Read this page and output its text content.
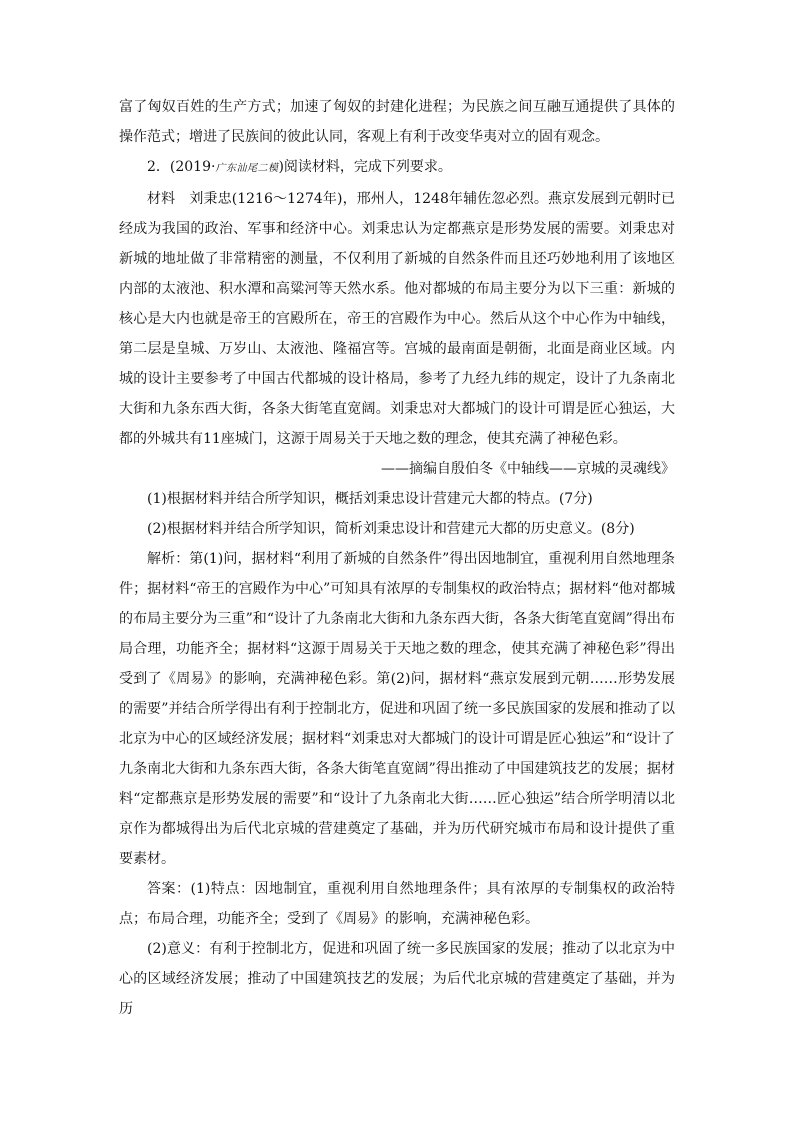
富了匈奴百姓的生产方式；加速了匈奴的封建化进程；为民族之间互融互通提供了具体的操作范式；增进了民族间的彼此认同，客观上有利于改变华夷对立的固有观念。

2．(2019·广东汕尾二模)阅读材料，完成下列要求。

材料　刘秉忠(1216～1274年)，邢州人，1248年辅佐忽必烈。燕京发展到元朝时已经成为我国的政治、军事和经济中心。刘秉忠认为定都燕京是形势发展的需要。刘秉忠对新城的地址做了非常精密的测量，不仅利用了新城的自然条件而且还巧妙地利用了该地区内部的太液池、积水潭和高粱河等天然水系。他对都城的布局主要分为以下三重：新城的核心是大内也就是帝王的宫殿所在，帝王的宫殿作为中心。然后从这个中心作为中轴线，第二层是皇城、万岁山、太液池、隆福宫等。宫城的最南面是朝衙，北面是商业区域。内城的设计主要参考了中国古代都城的设计格局，参考了九经九纬的规定，设计了九条南北大街和九条东西大街，各条大街笔直宽阔。刘秉忠对大都城门的设计可谓是匠心独运，大都的外城共有11座城门，这源于周易关于天地之数的理念，使其充满了神秘色彩。

——摘编自殷伯冬《中轴线——京城的灵魂线》

(1)根据材料并结合所学知识，概括刘秉忠设计营建元大都的特点。(7分)

(2)根据材料并结合所学知识，简析刘秉忠设计和营建元大都的历史意义。(8分)

解析：第(1)问，据材料“利用了新城的自然条件”得出因地制宜，重视利用自然地理条件；据材料“帝王的宫殿作为中心”可知具有浓厚的专制集权的政治特点；据材料“他对都城的布局主要分为三重”和“设计了九条南北大街和九条东西大街，各条大街笔直宽阔”得出布局合理，功能齐全；据材料“这源于周易关于天地之数的理念，使其充满了神秘色彩”得出受到了《周易》的影响，充满神秘色彩。第(2)问，据材料“燕京发展到元朝……形势发展的需要”并结合所学得出有利于控制北方，促进和巩固了统一多民族国家的发展和推动了以北京为中心的区域经济发展；据材料“刘秉忠对大都城门的设计可谓是匠心独运”和“设计了九条南北大街和九条东西大街，各条大街笔直宽阔”得出推动了中国建筑技艺的发展；据材料“定都燕京是形势发展的需要”和“设计了九条南北大街……匠心独运”结合所学明清以北京作为都城得出为后代北京城的营建奠定了基础，并为历代研究城市布局和设计提供了重要素材。

答案：(1)特点：因地制宜，重视利用自然地理条件；具有浓厚的专制集权的政治特点；布局合理，功能齐全；受到了《周易》的影响，充满神秘色彩。

(2)意义：有利于控制北方，促进和巩固了统一多民族国家的发展；推动了以北京为中心的区域经济发展；推动了中国建筑技艺的发展；为后代北京城的营建奠定了基础，并为历
